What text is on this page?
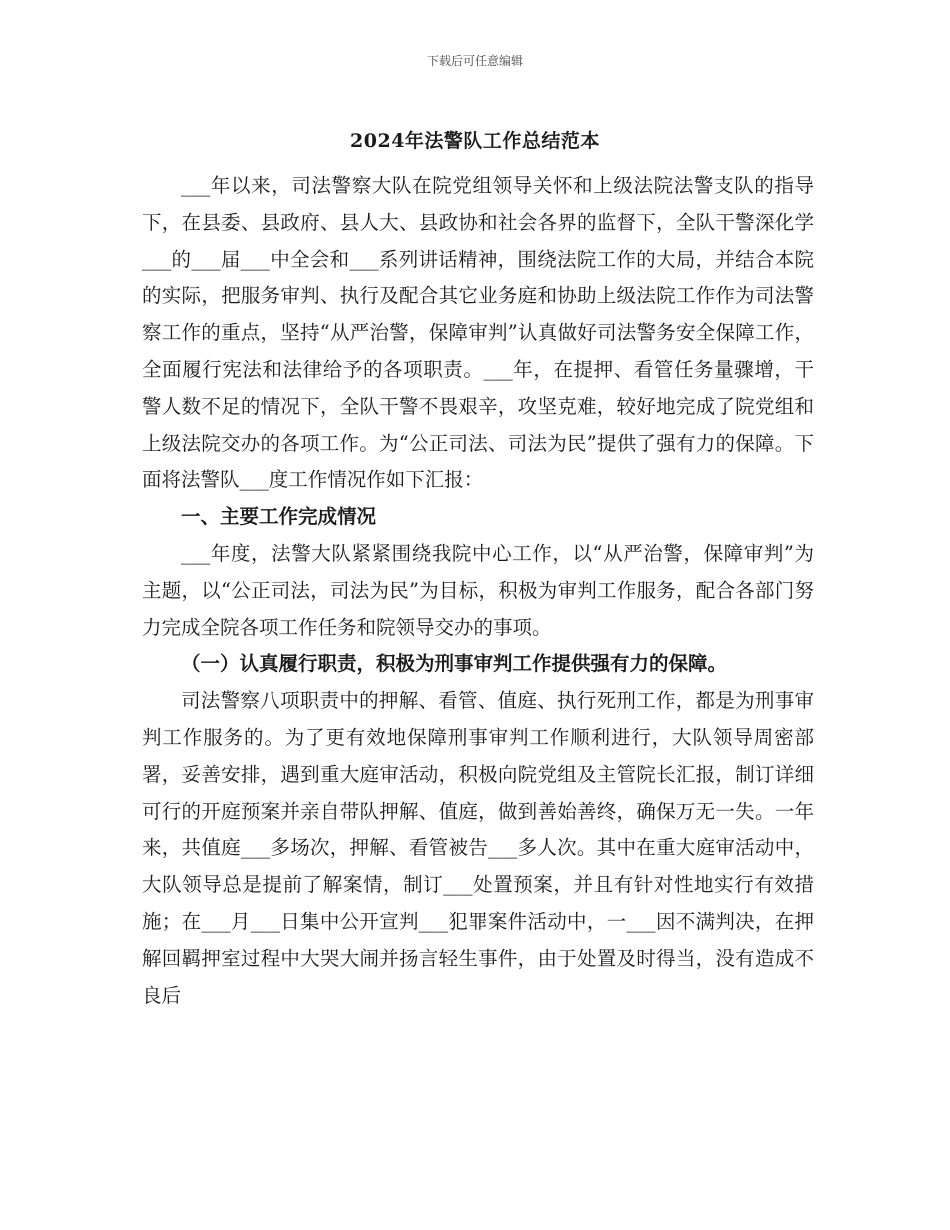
下载后可任意编辑
2024年法警队工作总结范本

___年以来，司法警察大队在院党组领导关怀和上级法院法警支队的指导下，在县委、县政府、县人大、县政协和社会各界的监督下，全队干警深化学___的___届___中全会和___系列讲话精神，围绕法院工作的大局，并结合本院的实际，把服务审判、执行及配合其它业务庭和协助上级法院工作作为司法警察工作的重点，坚持“从严治警，保障审判”认真做好司法警务安全保障工作，全面履行宪法和法律给予的各项职责。___年，在提押、看管任务量骤增，干警人数不足的情况下，全队干警不畏艰辛，攻坚克难，较好地完成了院党组和上级法院交办的各项工作。为“公正司法、司法为民”提供了强有力的保障。下面将法警队___度工作情况作如下汇报：

一、主要工作完成情况

___年度，法警大队紧紧围绕我院中心工作，以“从严治警，保障审判”为主题，以“公正司法，司法为民”为目标，积极为审判工作服务，配合各部门努力完成全院各项工作任务和院领导交办的事项。

（一）认真履行职责，积极为刑事审判工作提供强有力的保障。

司法警察八项职责中的押解、看管、值庭、执行死刑工作，都是为刑事审判工作服务的。为了更有效地保障刑事审判工作顺利进行，大队领导周密部署，妥善安排，遇到重大庭审活动，积极向院党组及主管院长汇报，制订详细可行的开庭预案并亲自带队押解、值庭，做到善始善终，确保万无一失。一年来，共值庭___多场次，押解、看管被告___多人次。其中在重大庭审活动中，大队领导总是提前了解案情，制订___处置预案，并且有针对性地实行有效措施；在___月___日集中公开宣判___犯罪案件活动中，一___因不满判决，在押解回羁押室过程中大哭大闹并扬言轻生事件，由于处置及时得当，没有造成不良后
